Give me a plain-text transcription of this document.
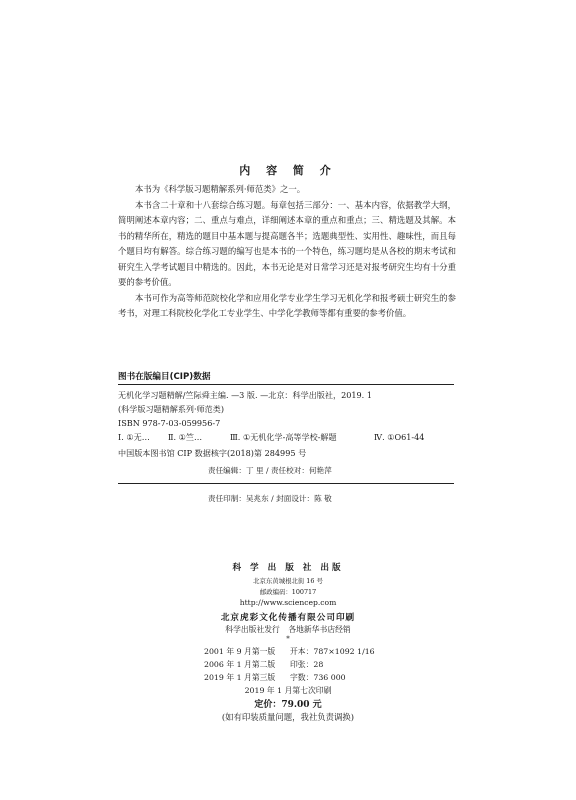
内 容 简 介

本书为《科学版习题精解系列·师范类》之一。

本书含二十章和十八套综合练习题。每章包括三部分：一、基本内容，依据教学大纲，简明阐述本章内容；二、重点与难点，详细阐述本章的重点和重点；三、精选题及其解。本书的精华所在，精选的题目中基本题与提高题各半；选题典型性、实用性、趣味性，而且每个题目均有解答。综合练习题的编写也是本书的一个特色，练习题均是从各校的期末考试和研究生入学考试题目中精选的。因此，本书无论是对日常学习还是对报考研究生均有十分重要的参考价值。

本书可作为高等师范院校化学和应用化学专业学生学习无机化学和报考硕士研究生的参考书，对理工科院校化学化工专业学生、中学化学教师等都有重要的参考价值。

图书在版编目(CIP)数据
无机化学习题精解/竺际舜主编. —3 版. —北京：科学出版社，2019. 1
(科学版习题精解系列·师范类)
ISBN 978-7-03-059956-7
Ⅰ. ①无… Ⅱ. ①竺…	Ⅲ. ①无机化学-高等学校-解题	Ⅳ. ①O61-44
中国版本图书馆 CIP 数据核字(2018)第 284995 号
责任编辑：丁 里 / 责任校对：何艳萍
责任印制：吴兆东 / 封面设计：陈 敬
科 学 出 版 社 出版
北京东黄城根北街 16 号
邮政编码：100717
http://www.sciencep.com
北京虎彩文化传播有限公司印刷
科学出版社发行 各地新华书店经销
*
2001 年 9 月第一版 开本：787×1092 1/16
2006 年 1 月第二版 印张：28
2019 年 1 月第三版 字数：736 000
2019 年 1 月第七次印刷
定价：79.00 元
(如有印装质量问题，我社负责调换)
